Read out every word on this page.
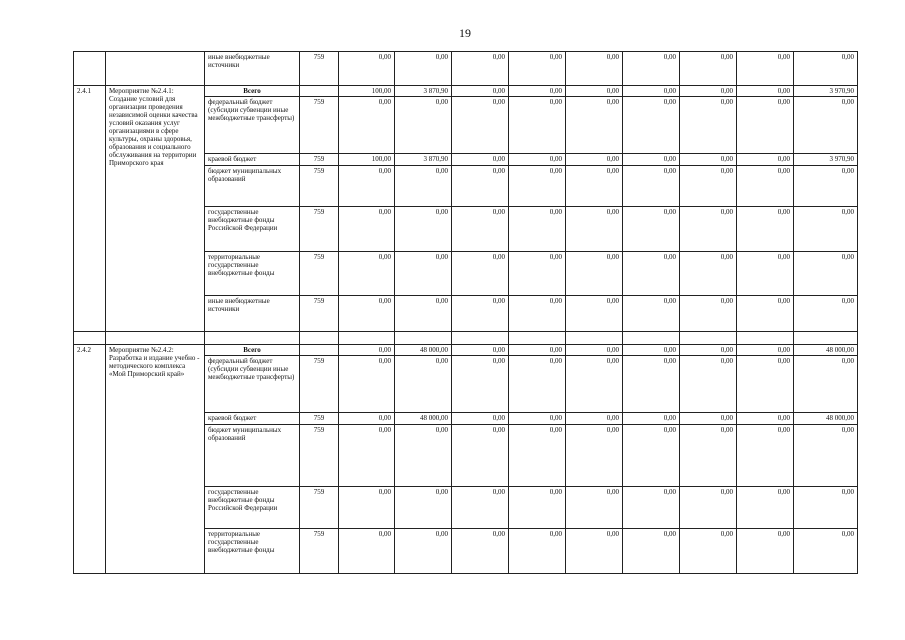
19
		иные внебюджетные источники	759	0,00	0,00	0,00	0,00	0,00	0,00	0,00	0,00	0,00
2.4.1	Мероприятие №2.4.1: Создание условий для организации проведения независимой оценки качества условий оказания услуг организациями в сфере культуры, охраны здоровья, образования и социального обслуживания на территории Приморского края	Всего		100,00	3 870,90	0,00	0,00	0,00	0,00	0,00	0,00	3 970,90
		федеральный бюджет (субсидии субвенции иные межбюджетные трансферты)	759	0,00	0,00	0,00	0,00	0,00	0,00	0,00	0,00	0,00
		краевой бюджет	759	100,00	3 870,90	0,00	0,00	0,00	0,00	0,00	0,00	3 970,90
		бюджет муниципальных образований	759	0,00	0,00	0,00	0,00	0,00	0,00	0,00	0,00	0,00
		государственные внебюджетные фонды Российской Федерации	759	0,00	0,00	0,00	0,00	0,00	0,00	0,00	0,00	0,00
		территориальные государственные внебюджетные фонды	759	0,00	0,00	0,00	0,00	0,00	0,00	0,00	0,00	0,00
		иные внебюджетные источники	759	0,00	0,00	0,00	0,00	0,00	0,00	0,00	0,00	0,00

2.4.2	Мероприятие №2.4.2: Разработка и издание учебно - методического комплекса «Мой Приморский край»	Всего		0,00	48 000,00	0,00	0,00	0,00	0,00	0,00	0,00	48 000,00
		федеральный бюджет (субсидии субвенции иные межбюджетные трансферты)	759	0,00	0,00	0,00	0,00	0,00	0,00	0,00	0,00	0,00
		краевой бюджет	759	0,00	48 000,00	0,00	0,00	0,00	0,00	0,00	0,00	48 000,00
		бюджет муниципальных образований	759	0,00	0,00	0,00	0,00	0,00	0,00	0,00	0,00	0,00
		государственные внебюджетные фонды Российской Федерации	759	0,00	0,00	0,00	0,00	0,00	0,00	0,00	0,00	0,00
		территориальные государственные внебюджетные фонды	759	0,00	0,00	0,00	0,00	0,00	0,00	0,00	0,00	0,00
